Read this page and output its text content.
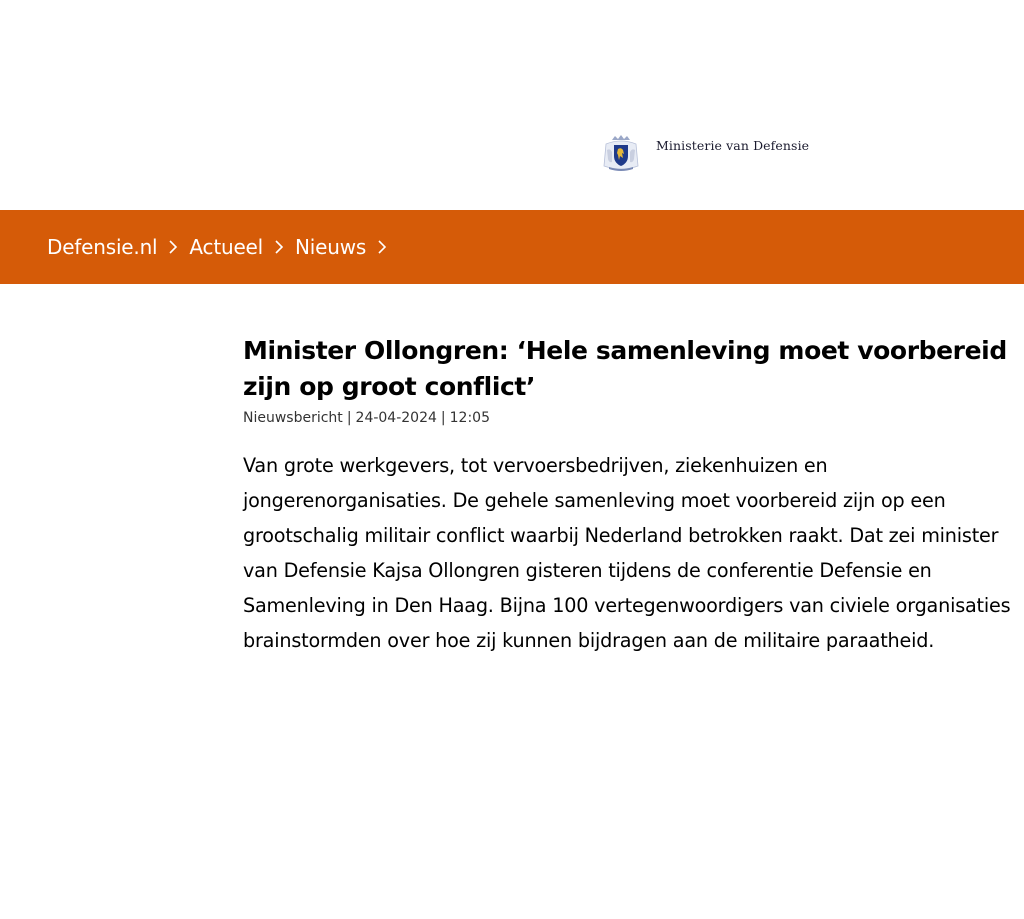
Ministerie van Defensie
Defensie.nl Actueel Nieuws
Minister Ollongren: ‘Hele samenleving moet voorbereid zijn op groot conflict’
Nieuwsbericht | 24-04-2024 | 12:05

Van grote werkgevers, tot vervoersbedrijven, ziekenhuizen en jongerenorganisaties. De gehele samenleving moet voorbereid zijn op een grootschalig militair conflict waarbij Nederland betrokken raakt. Dat zei minister van Defensie Kajsa Ollongren gisteren tijdens de conferentie Defensie en Samenleving in Den Haag. Bijna 100 vertegenwoordigers van civiele organisaties brainstormden over hoe zij kunnen bijdragen aan de militaire paraatheid.
